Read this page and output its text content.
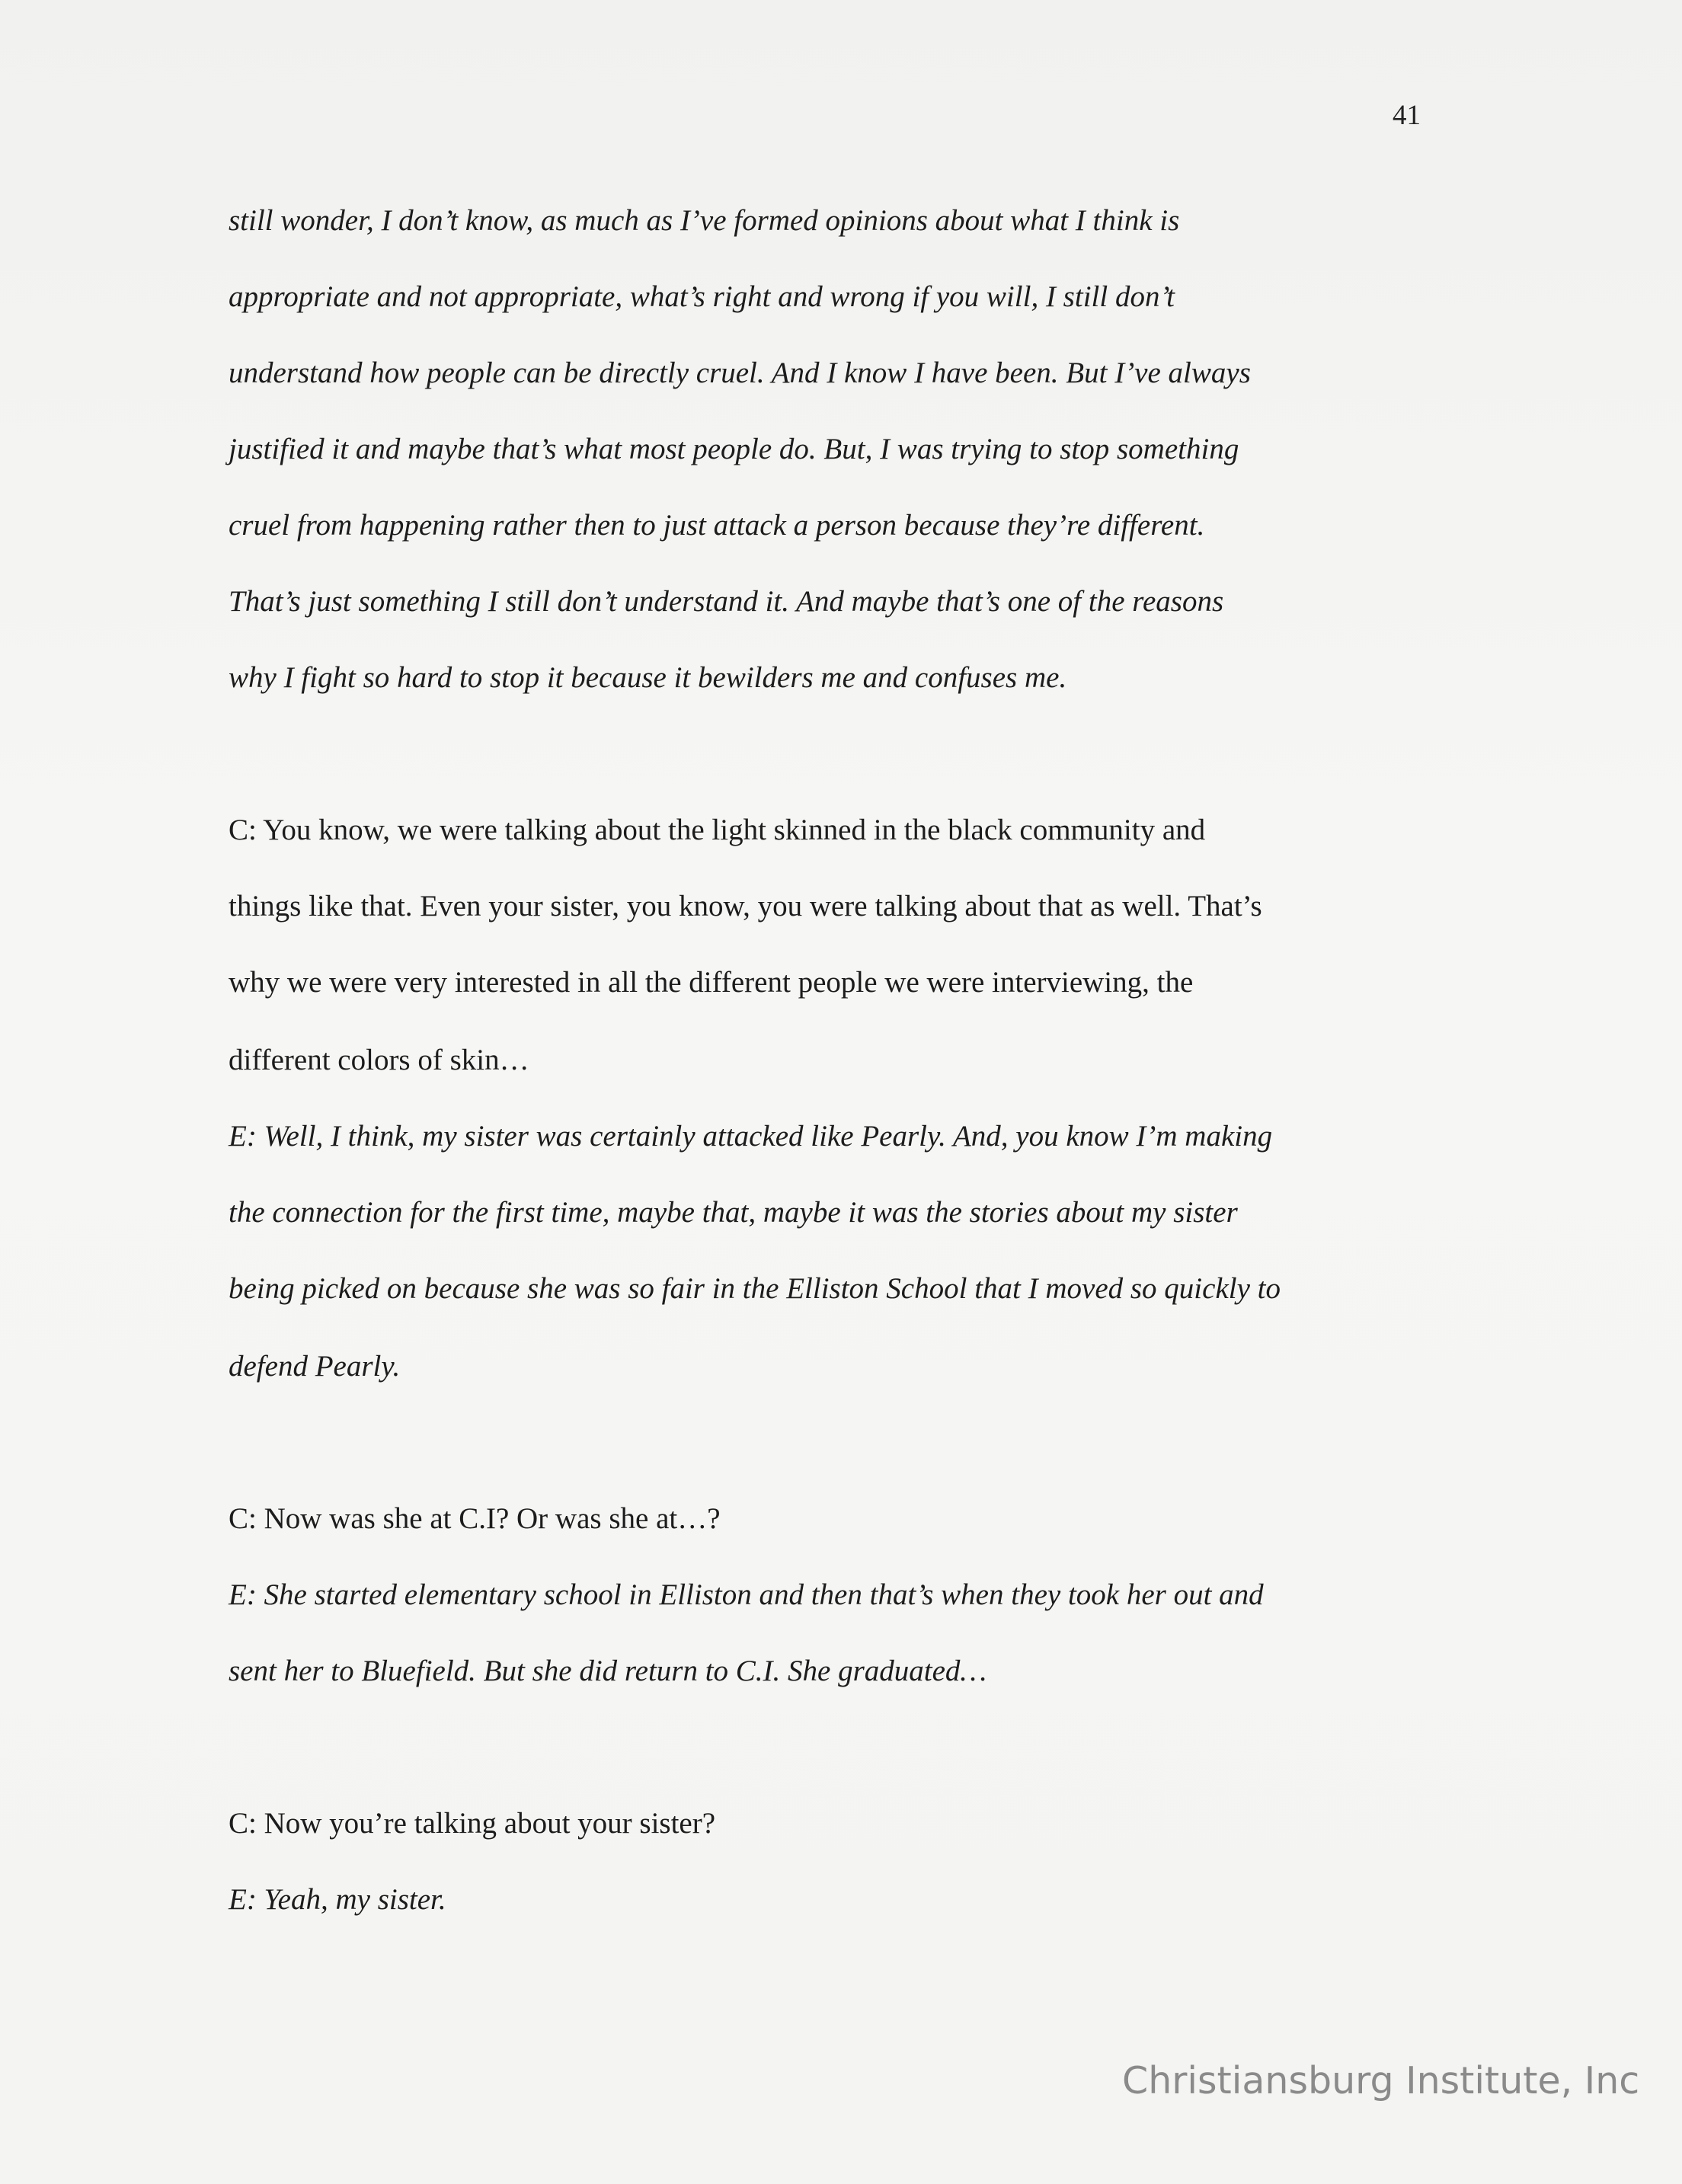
41
still wonder, I don’t know, as much as I’ve formed opinions about what I think is
appropriate and not appropriate, what’s right and wrong if you will, I still don’t
understand how people can be directly cruel. And I know I have been. But I’ve always
justified it and maybe that’s what most people do. But, I was trying to stop something
cruel from happening rather then to just attack a person because they’re different.
That’s just something I still don’t understand it. And maybe that’s one of the reasons
why I fight so hard to stop it because it bewilders me and confuses me.
C: You know, we were talking about the light skinned in the black community and
things like that. Even your sister, you know, you were talking about that as well. That’s
why we were very interested in all the different people we were interviewing, the
different colors of skin…
E: Well, I think, my sister was certainly attacked like Pearly. And, you know I’m making
the connection for the first time, maybe that, maybe it was the stories about my sister
being picked on because she was so fair in the Elliston School that I moved so quickly to
defend Pearly.
C: Now was she at C.I? Or was she at…?
E: She started elementary school in Elliston and then that’s when they took her out and
sent her to Bluefield. But she did return to C.I. She graduated…
C: Now you’re talking about your sister?
E: Yeah, my sister.
Christiansburg Institute, Inc
